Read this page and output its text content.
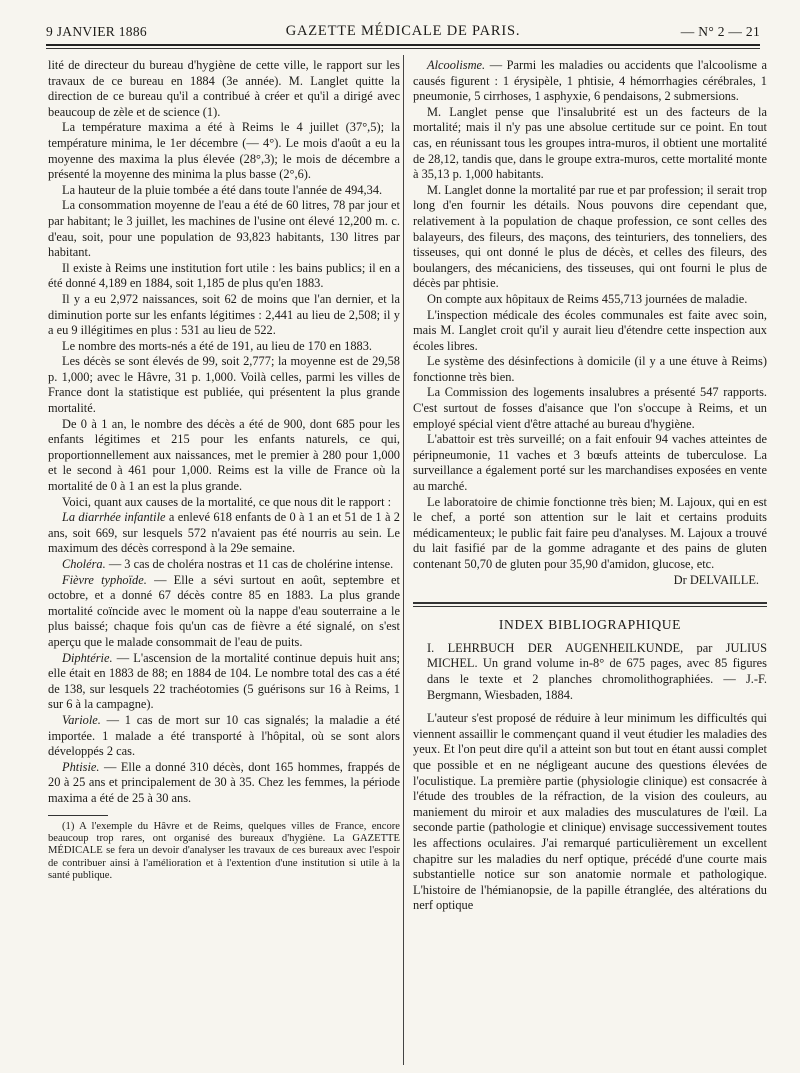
9 JANVIER 1886	GAZETTE MÉDICALE DE PARIS.	— N° 2 — 21

lité de directeur du bureau d'hygiène de cette ville, le rapport sur les travaux de ce bureau en 1884 (3e année). M. Langlet quitte la direction de ce bureau qu'il a contribué à créer et qu'il a dirigé avec beaucoup de zèle et de science (1).

La température maxima a été à Reims le 4 juillet (37°,5); la température minima, le 1er décembre (— 4°). Le mois d'août a eu la moyenne des maxima la plus élevée (28°,3); le mois de décembre a présenté la moyenne des minima la plus basse (2°,6).

La hauteur de la pluie tombée a été dans toute l'année de 494,34.

La consommation moyenne de l'eau a été de 60 litres, 78 par jour et par habitant; le 3 juillet, les machines de l'usine ont élevé 12,200 m. c. d'eau, soit, pour une population de 93,823 habitants, 130 litres par habitant.

Il existe à Reims une institution fort utile : les bains publics; il en a été donné 4,189 en 1884, soit 1,185 de plus qu'en 1883.

Il y a eu 2,972 naissances, soit 62 de moins que l'an dernier, et la diminution porte sur les enfants légitimes : 2,441 au lieu de 2,508; il y a eu 9 illégitimes en plus : 531 au lieu de 522.

Le nombre des morts-nés a été de 191, au lieu de 170 en 1883.

Les décès se sont élevés de 99, soit 2,777; la moyenne est de 29,58 p. 1,000; avec le Hâvre, 31 p. 1,000. Voilà celles, parmi les villes de France dont la statistique est publiée, qui présentent la plus grande mortalité.

De 0 à 1 an, le nombre des décès a été de 900, dont 685 pour les enfants légitimes et 215 pour les enfants naturels, ce qui, proportionnellement aux naissances, met le premier à 280 pour 1,000 et le second à 461 pour 1,000. Reims est la ville de France où la mortalité de 0 à 1 an est la plus grande.

Voici, quant aux causes de la mortalité, ce que nous dit le rapport :

La diarrhée infantile a enlevé 618 enfants de 0 à 1 an et 51 de 1 à 2 ans, soit 669, sur lesquels 572 n'avaient pas été nourris au sein. Le maximum des décès correspond à la 29e semaine.

Choléra. — 3 cas de choléra nostras et 11 cas de cholérine intense.

Fièvre typhoïde. — Elle a sévi surtout en août, septembre et octobre, et a donné 67 décès contre 85 en 1883. La plus grande mortalité coïncide avec le moment où la nappe d'eau souterraine a le plus baissé; chaque fois qu'un cas de fièvre a été signalé, on s'est aperçu que le malade consommait de l'eau de puits.

Diphtérie. — L'ascension de la mortalité continue depuis huit ans; elle était en 1883 de 88; en 1884 de 104. Le nombre total des cas a été de 138, sur lesquels 22 trachéotomies (5 guérisons sur 16 à Reims, 1 sur 6 à la campagne).

Variole. — 1 cas de mort sur 10 cas signalés; la maladie a été importée. 1 malade a été transporté à l'hôpital, où se sont alors développés 2 cas.

Phtisie. — Elle a donné 310 décès, dont 165 hommes, frappés de 20 à 25 ans et principalement de 30 à 35. Chez les femmes, la période maxima a été de 25 à 30 ans.

(1) A l'exemple du Hâvre et de Reims, quelques villes de France, encore beaucoup trop rares, ont organisé des bureaux d'hygiène. La GAZETTE MÉDICALE se fera un devoir d'analyser les travaux de ces bureaux avec l'espoir de contribuer ainsi à l'amélioration et à l'extention d'une institution si utile à la santé publique.

Alcoolisme. — Parmi les maladies ou accidents que l'alcoolisme a causés figurent : 1 érysipèle, 1 phtisie, 4 hémorrhagies cérébrales, 1 pneumonie, 5 cirrhoses, 1 asphyxie, 6 pendaisons, 2 submersions.

M. Langlet pense que l'insalubrité est un des facteurs de la mortalité; mais il n'y pas une absolue certitude sur ce point. En tout cas, en réunissant tous les groupes intra-muros, il obtient une mortalité de 28,12, tandis que, dans le groupe extra-muros, cette mortalité monte à 35,13 p. 1,000 habitants.

M. Langlet donne la mortalité par rue et par profession; il serait trop long d'en fournir les détails. Nous pouvons dire cependant que, relativement à la population de chaque profession, ce sont celles des balayeurs, des fileurs, des maçons, des teinturiers, des tonneliers, des tisseuses, qui ont donné le plus de décès, et celles des fileurs, des boulangers, des mécaniciens, des tisseuses, qui ont fourni le plus de décès par phtisie.

On compte aux hôpitaux de Reims 455,713 journées de maladie.

L'inspection médicale des écoles communales est faite avec soin, mais M. Langlet croit qu'il y aurait lieu d'étendre cette inspection aux écoles libres.

Le système des désinfections à domicile (il y a une étuve à Reims) fonctionne très bien.

La Commission des logements insalubres a présenté 547 rapports. C'est surtout de fosses d'aisance que l'on s'occupe à Reims, et un employé spécial vient d'être attaché au bureau d'hygiène.

L'abattoir est très surveillé; on a fait enfouir 94 vaches atteintes de péripneumonie, 11 vaches et 3 bœufs atteints de tuberculose. La surveillance a également porté sur les marchandises exposées en vente au marché.

Le laboratoire de chimie fonctionne très bien; M. Lajoux, qui en est le chef, a porté son attention sur le lait et certains produits médicamenteux; le public fait faire peu d'analyses. M. Lajoux a trouvé du lait fasifié par de la gomme adragante et des pains de gluten contenant 50,70 de gluten pour 35,90 d'amidon, glucose, etc.

Dr DELVAILLE.

INDEX BIBLIOGRAPHIQUE

I. LEHRBUCH DER AUGENHEILKUNDE, par JULIUS MICHEL. Un grand volume in-8° de 675 pages, avec 85 figures dans le texte et 2 planches chromolithographiées. — J.-F. Bergmann, Wiesbaden, 1884.

L'auteur s'est proposé de réduire à leur minimum les difficultés qui viennent assaillir le commençant quand il veut étudier les maladies des yeux. Et l'on peut dire qu'il a atteint son but tout en étant aussi complet que possible et en ne négligeant aucune des questions élevées de l'oculistique. La première partie (physiologie clinique) est consacrée à l'étude des troubles de la réfraction, de la vision des couleurs, au maniement du miroir et aux maladies des musculatures de l'œil. La seconde partie (pathologie et clinique) envisage successivement toutes les affections oculaires. J'ai remarqué particulièrement un excellent chapitre sur les maladies du nerf optique, précédé d'une courte mais substantielle notice sur son anatomie normale et pathologique. L'histoire de l'hémianopsie, de la papille étranglée, des altérations du nerf optique
